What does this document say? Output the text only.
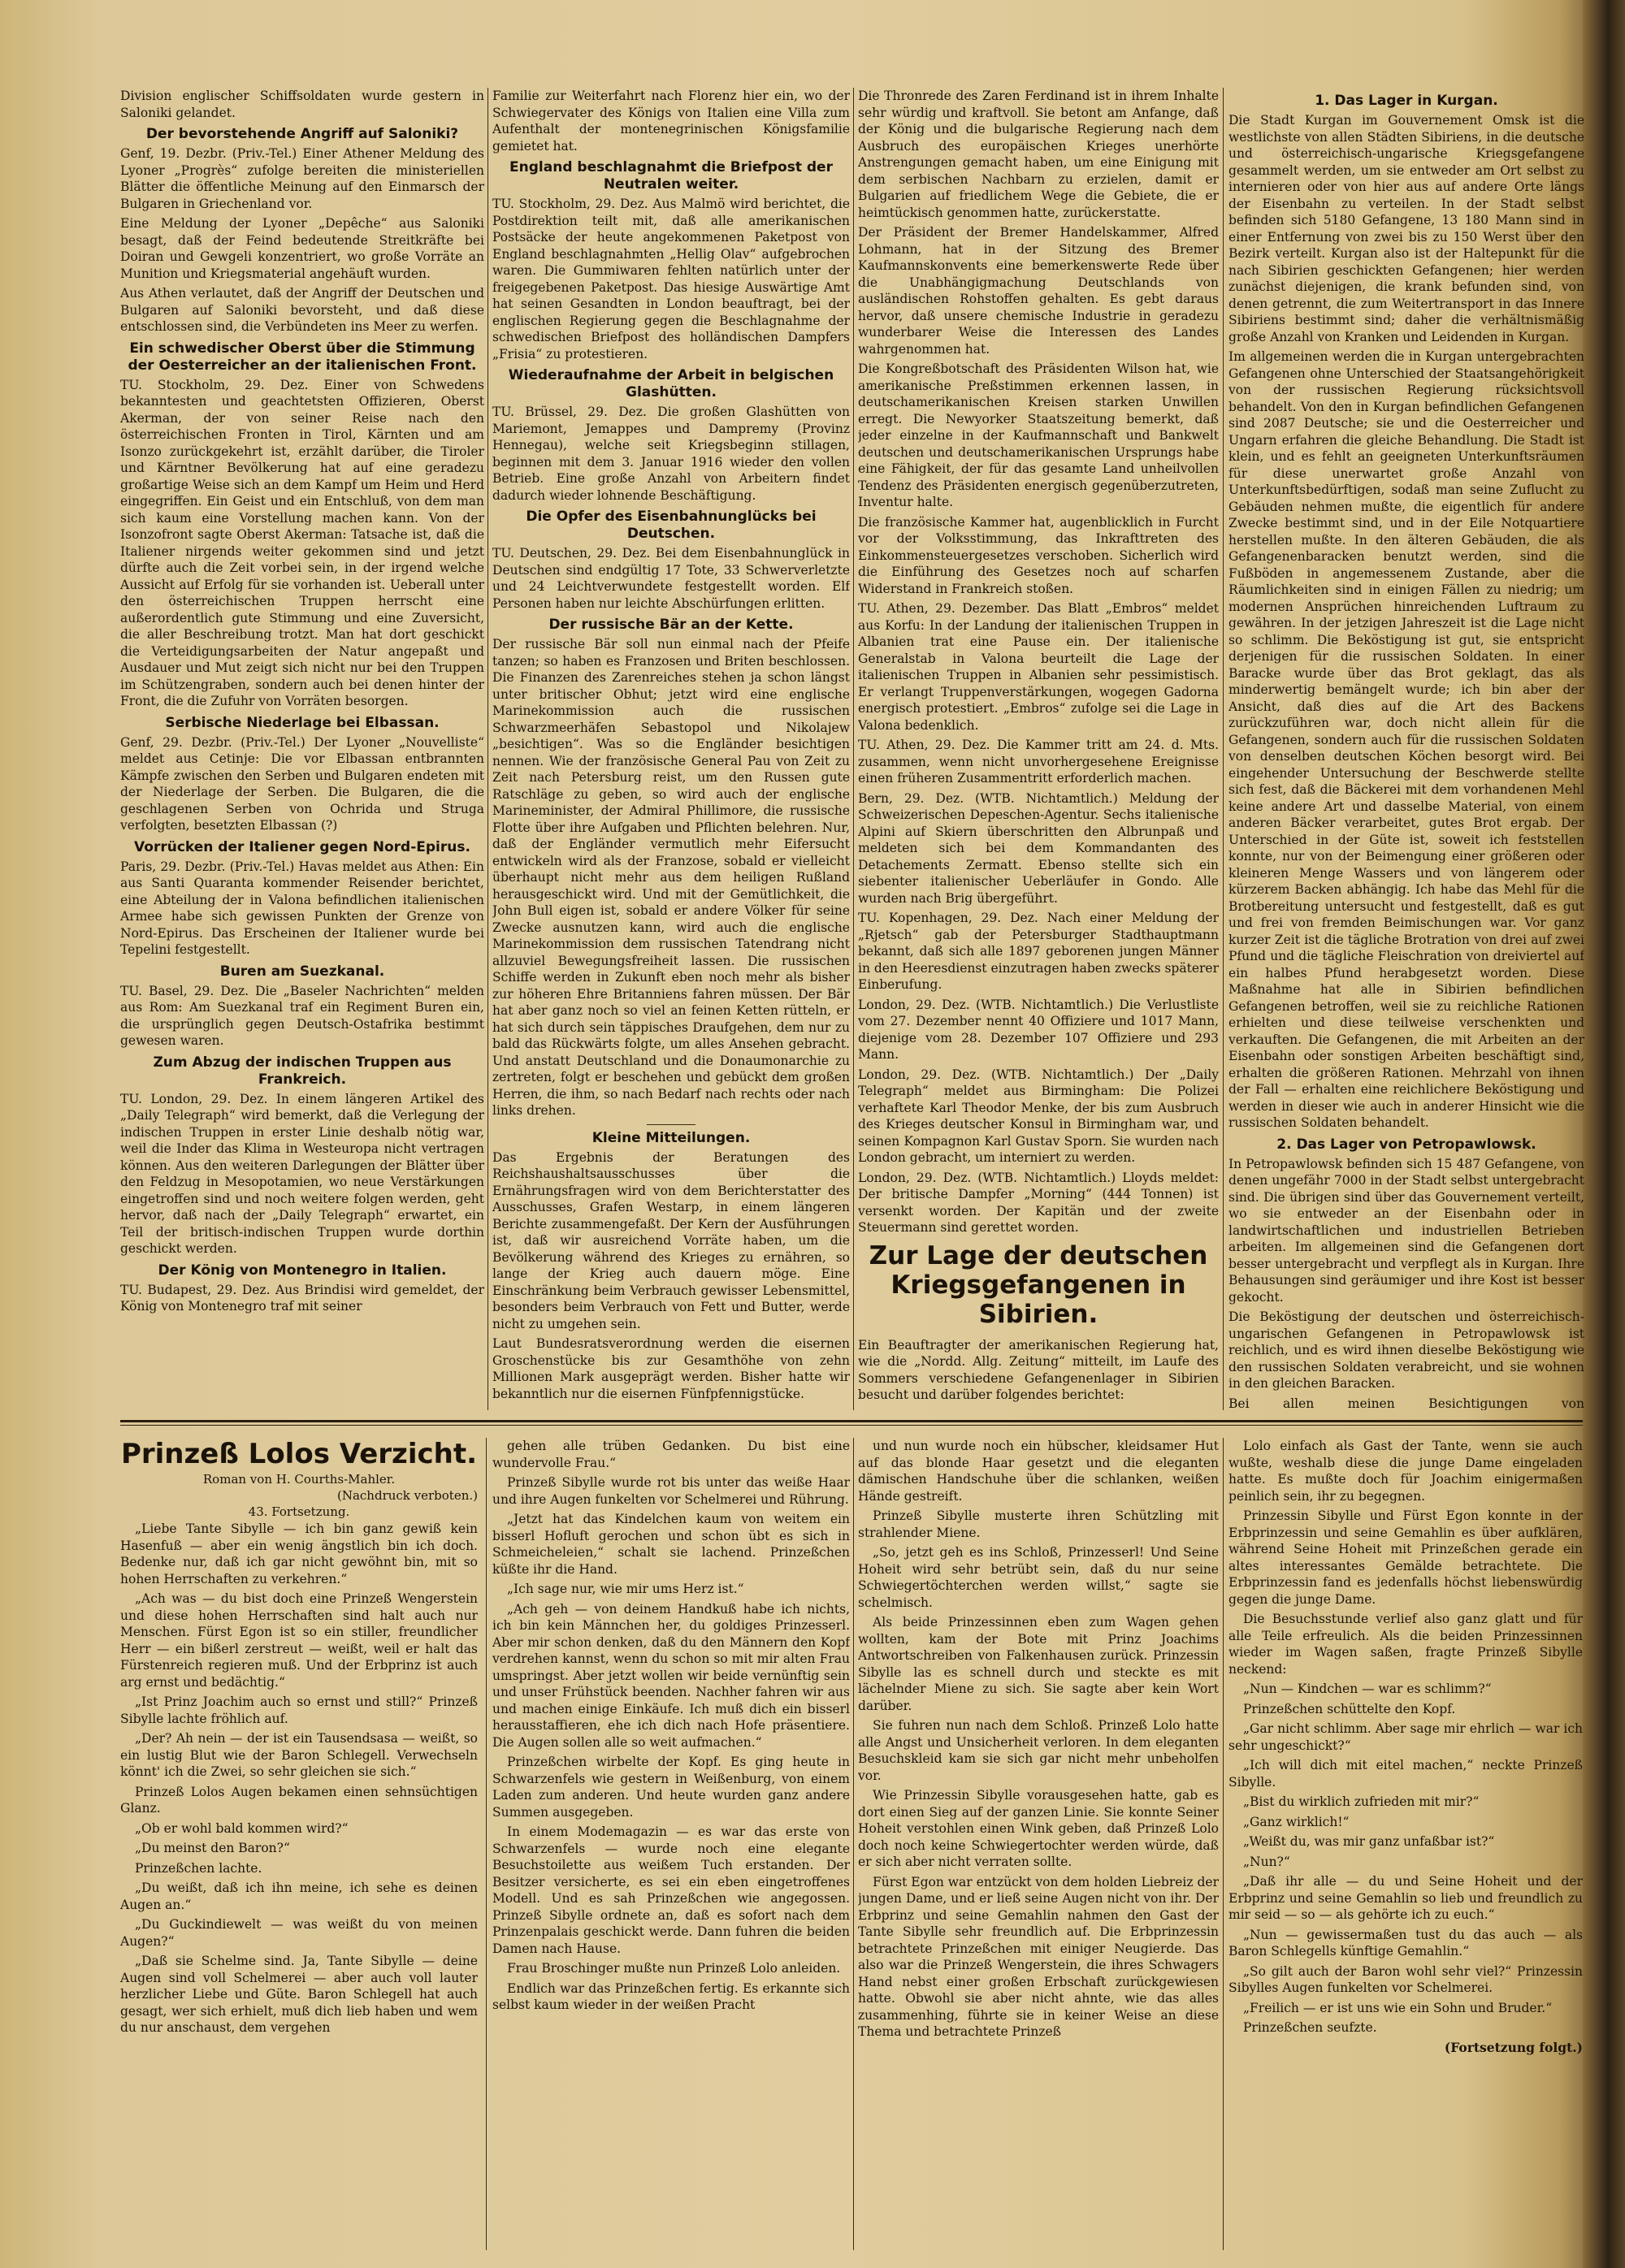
Division englischer Schiffsoldaten wurde gestern in Saloniki gelandet.

Der bevorstehende Angriff auf Saloniki?

Genf, 19. Dezbr. (Priv.-Tel.) Einer Athener Meldung des Lyoner „Progrès“ zufolge bereiten die ministeriellen Blätter die öffentliche Meinung auf den Einmarsch der Bulgaren in Griechenland vor.

Eine Meldung der Lyoner „Depêche“ aus Saloniki besagt, daß der Feind bedeutende Streitkräfte bei Doiran und Gewgeli konzentriert, wo große Vorräte an Munition und Kriegsmaterial angehäuft wurden.

Aus Athen verlautet, daß der Angriff der Deutschen und Bulgaren auf Saloniki bevorsteht, und daß diese entschlossen sind, die Verbündeten ins Meer zu werfen.

Ein schwedischer Oberst über die Stimmung der Oesterreicher an der italienischen Front.

TU. Stockholm, 29. Dez. Einer von Schwedens bekanntesten und geachtetsten Offizieren, Oberst Akerman, der von seiner Reise nach den österreichischen Fronten in Tirol, Kärnten und am Isonzo zurückgekehrt ist, erzählt darüber, die Tiroler und Kärntner Bevölkerung hat auf eine geradezu großartige Weise sich an dem Kampf um Heim und Herd eingegriffen. Ein Geist und ein Entschluß, von dem man sich kaum eine Vorstellung machen kann. Von der Isonzofront sagte Oberst Akerman: Tatsache ist, daß die Italiener nirgends weiter gekommen sind und jetzt dürfte auch die Zeit vorbei sein, in der irgend welche Aussicht auf Erfolg für sie vorhanden ist. Ueberall unter den österreichischen Truppen herrscht eine außerordentlich gute Stimmung und eine Zuversicht, die aller Beschreibung trotzt. Man hat dort geschickt die Verteidigungsarbeiten der Natur angepaßt und Ausdauer und Mut zeigt sich nicht nur bei den Truppen im Schützengraben, sondern auch bei denen hinter der Front, die die Zufuhr von Vorräten besorgen.

Serbische Niederlage bei Elbassan.

Genf, 29. Dezbr. (Priv.-Tel.) Der Lyoner „Nouvelliste“ meldet aus Cetinje: Die vor Elbassan entbrannten Kämpfe zwischen den Serben und Bulgaren endeten mit der Niederlage der Serben. Die Bulgaren, die die geschlagenen Serben von Ochrida und Struga verfolgten, besetzten Elbassan (?)

Vorrücken der Italiener gegen Nord-Epirus.

Paris, 29. Dezbr. (Priv.-Tel.) Havas meldet aus Athen: Ein aus Santi Quaranta kommender Reisender berichtet, eine Abteilung der in Valona befindlichen italienischen Armee habe sich gewissen Punkten der Grenze von Nord-Epirus. Das Erscheinen der Italiener wurde bei Tepelini festgestellt.

Buren am Suezkanal.

TU. Basel, 29. Dez. Die „Baseler Nachrichten“ melden aus Rom: Am Suezkanal traf ein Regiment Buren ein, die ursprünglich gegen Deutsch-Ostafrika bestimmt gewesen waren.

Zum Abzug der indischen Truppen aus Frankreich.

TU. London, 29. Dez. In einem längeren Artikel des „Daily Telegraph“ wird bemerkt, daß die Verlegung der indischen Truppen in erster Linie deshalb nötig war, weil die Inder das Klima in Westeuropa nicht vertragen können. Aus den weiteren Darlegungen der Blätter über den Feldzug in Mesopotamien, wo neue Verstärkungen eingetroffen sind und noch weitere folgen werden, geht hervor, daß nach der „Daily Telegraph“ erwartet, ein Teil der britisch-indischen Truppen wurde dorthin geschickt werden.

Der König von Montenegro in Italien.

TU. Budapest, 29. Dez. Aus Brindisi wird gemeldet, der König von Montenegro traf mit seiner

Familie zur Weiterfahrt nach Florenz hier ein, wo der Schwiegervater des Königs von Italien eine Villa zum Aufenthalt der montenegrinischen Königsfamilie gemietet hat.

England beschlagnahmt die Briefpost der Neutralen weiter.

TU. Stockholm, 29. Dez. Aus Malmö wird berichtet, die Postdirektion teilt mit, daß alle amerikanischen Postsäcke der heute angekommenen Paketpost von England beschlagnahmten „Hellig Olav“ aufgebrochen waren. Die Gummiwaren fehlten natürlich unter der freigegebenen Paketpost. Das hiesige Auswärtige Amt hat seinen Gesandten in London beauftragt, bei der englischen Regierung gegen die Beschlagnahme der schwedischen Briefpost des holländischen Dampfers „Frisia“ zu protestieren.

Wiederaufnahme der Arbeit in belgischen Glashütten.

TU. Brüssel, 29. Dez. Die großen Glashütten von Mariemont, Jemappes und Dampremy (Provinz Hennegau), welche seit Kriegsbeginn stillagen, beginnen mit dem 3. Januar 1916 wieder den vollen Betrieb. Eine große Anzahl von Arbeitern findet dadurch wieder lohnende Beschäftigung.

Die Opfer des Eisenbahnunglücks bei Deutschen.

TU. Deutschen, 29. Dez. Bei dem Eisenbahnunglück in Deutschen sind endgültig 17 Tote, 33 Schwerverletzte und 24 Leichtverwundete festgestellt worden. Elf Personen haben nur leichte Abschürfungen erlitten.

Der russische Bär an der Kette.

Der russische Bär soll nun einmal nach der Pfeife tanzen; so haben es Franzosen und Briten beschlossen. Die Finanzen des Zarenreiches stehen ja schon längst unter britischer Obhut; jetzt wird eine englische Marinekommission auch die russischen Schwarzmeerhäfen Sebastopol und Nikolajew „besichtigen“. Was so die Engländer besichtigen nennen. Wie der französische General Pau von Zeit zu Zeit nach Petersburg reist, um den Russen gute Ratschläge zu geben, so wird auch der englische Marineminister, der Admiral Phillimore, die russische Flotte über ihre Aufgaben und Pflichten belehren. Nur, daß der Engländer vermutlich mehr Eifersucht entwickeln wird als der Franzose, sobald er vielleicht überhaupt nicht mehr aus dem heiligen Rußland herausgeschickt wird. Und mit der Gemütlichkeit, die John Bull eigen ist, sobald er andere Völker für seine Zwecke ausnutzen kann, wird auch die englische Marinekommission dem russischen Tatendrang nicht allzuviel Bewegungsfreiheit lassen. Die russischen Schiffe werden in Zukunft eben noch mehr als bisher zur höheren Ehre Britanniens fahren müssen. Der Bär hat aber ganz noch so viel an feinen Ketten rütteln, er hat sich durch sein täppisches Draufgehen, dem nur zu bald das Rückwärts folgte, um alles Ansehen gebracht. Und anstatt Deutschland und die Donaumonarchie zu zertreten, folgt er beschehen und gebückt dem großen Herren, die ihm, so nach Bedarf nach rechts oder nach links drehen.

Kleine Mitteilungen.

Das Ergebnis der Beratungen des Reichshaushaltsausschusses über die Ernährungsfragen wird von dem Berichterstatter des Ausschusses, Grafen Westarp, in einem längeren Berichte zusammengefaßt. Der Kern der Ausführungen ist, daß wir ausreichend Vorräte haben, um die Bevölkerung während des Krieges zu ernähren, so lange der Krieg auch dauern möge. Eine Einschränkung beim Verbrauch gewisser Lebensmittel, besonders beim Verbrauch von Fett und Butter, werde nicht zu umgehen sein.

Laut Bundesratsverordnung werden die eisernen Groschenstücke bis zur Gesamthöhe von zehn Millionen Mark ausgeprägt werden. Bisher hatte wir bekanntlich nur die eisernen Fünfpfennigstücke.

Die Thronrede des Zaren Ferdinand ist in ihrem Inhalte sehr würdig und kraftvoll. Sie betont am Anfange, daß der König und die bulgarische Regierung nach dem Ausbruch des europäischen Krieges unerhörte Anstrengungen gemacht haben, um eine Einigung mit dem serbischen Nachbarn zu erzielen, damit er Bulgarien auf friedlichem Wege die Gebiete, die er heimtückisch genommen hatte, zurückerstatte.

Der Präsident der Bremer Handelskammer, Alfred Lohmann, hat in der Sitzung des Bremer Kaufmannskonvents eine bemerkenswerte Rede über die Unabhängigmachung Deutschlands von ausländischen Rohstoffen gehalten. Es gebt daraus hervor, daß unsere chemische Industrie in geradezu wunderbarer Weise die Interessen des Landes wahrgenommen hat.

Die Kongreßbotschaft des Präsidenten Wilson hat, wie amerikanische Preßstimmen erkennen lassen, in deutschamerikanischen Kreisen starken Unwillen erregt. Die Newyorker Staatszeitung bemerkt, daß jeder einzelne in der Kaufmannschaft und Bankwelt deutschen und deutschamerikanischen Ursprungs habe eine Fähigkeit, der für das gesamte Land unheilvollen Tendenz des Präsidenten energisch gegenüberzutreten, Inventur halte.

Die französische Kammer hat, augenblicklich in Furcht vor der Volksstimmung, das Inkrafttreten des Einkommensteuergesetzes verschoben. Sicherlich wird die Einführung des Gesetzes noch auf scharfen Widerstand in Frankreich stoßen.

TU. Athen, 29. Dezember. Das Blatt „Embros“ meldet aus Korfu: In der Landung der italienischen Truppen in Albanien trat eine Pause ein. Der italienische Generalstab in Valona beurteilt die Lage der italienischen Truppen in Albanien sehr pessimistisch. Er verlangt Truppenverstärkungen, wogegen Gadorna energisch protestiert. „Embros“ zufolge sei die Lage in Valona bedenklich.

TU. Athen, 29. Dez. Die Kammer tritt am 24. d. Mts. zusammen, wenn nicht unvorhergesehene Ereignisse einen früheren Zusammentritt erforderlich machen.

Bern, 29. Dez. (WTB. Nichtamtlich.) Meldung der Schweizerischen Depeschen-Agentur. Sechs italienische Alpini auf Skiern überschritten den Albrunpaß und meldeten sich bei dem Kommandanten des Detachements Zermatt. Ebenso stellte sich ein siebenter italienischer Ueberläufer in Gondo. Alle wurden nach Brig übergeführt.

TU. Kopenhagen, 29. Dez. Nach einer Meldung der „Rjetsch“ gab der Petersburger Stadthauptmann bekannt, daß sich alle 1897 geborenen jungen Männer in den Heeresdienst einzutragen haben zwecks späterer Einberufung.

London, 29. Dez. (WTB. Nichtamtlich.) Die Verlustliste vom 27. Dezember nennt 40 Offiziere und 1017 Mann, diejenige vom 28. Dezember 107 Offiziere und 293 Mann.

London, 29. Dez. (WTB. Nichtamtlich.) Der „Daily Telegraph“ meldet aus Birmingham: Die Polizei verhaftete Karl Theodor Menke, der bis zum Ausbruch des Krieges deutscher Konsul in Birmingham war, und seinen Kompagnon Karl Gustav Sporn. Sie wurden nach London gebracht, um interniert zu werden.

London, 29. Dez. (WTB. Nichtamtlich.) Lloyds meldet: Der britische Dampfer „Morning“ (444 Tonnen) ist versenkt worden. Der Kapitän und der zweite Steuermann sind gerettet worden.

Zur Lage der deutschen Kriegsgefangenen in Sibirien.

Ein Beauftragter der amerikanischen Regierung hat, wie die „Nordd. Allg. Zeitung“ mitteilt, im Laufe des Sommers verschiedene Gefangenenlager in Sibirien besucht und darüber folgendes berichtet:

1. Das Lager in Kurgan.

Die Stadt Kurgan im Gouvernement Omsk ist die westlichste von allen Städten Sibiriens, in die deutsche und österreichisch-ungarische Kriegsgefangene gesammelt werden, um sie entweder am Ort selbst zu internieren oder von hier aus auf andere Orte längs der Eisenbahn zu verteilen. In der Stadt selbst befinden sich 5180 Gefangene, 13 180 Mann sind in einer Entfernung von zwei bis zu 150 Werst über den Bezirk verteilt. Kurgan also ist der Haltepunkt für die nach Sibirien geschickten Gefangenen; hier werden zunächst diejenigen, die krank befunden sind, von denen getrennt, die zum Weitertransport in das Innere Sibiriens bestimmt sind; daher die verhältnismäßig große Anzahl von Kranken und Leidenden in Kurgan.

Im allgemeinen werden die in Kurgan untergebrachten Gefangenen ohne Unterschied der Staatsangehörigkeit von der russischen Regierung rücksichtsvoll behandelt. Von den in Kurgan befindlichen Gefangenen sind 2087 Deutsche; sie und die Oesterreicher und Ungarn erfahren die gleiche Behandlung. Die Stadt ist klein, und es fehlt an geeigneten Unterkunftsräumen für diese unerwartet große Anzahl von Unterkunftsbedürftigen, sodaß man seine Zuflucht zu Gebäuden nehmen mußte, die eigentlich für andere Zwecke bestimmt sind, und in der Eile Notquartiere herstellen mußte. In den älteren Gebäuden, die als Gefangenenbaracken benutzt werden, sind die Fußböden in angemessenem Zustande, aber die Räumlichkeiten sind in einigen Fällen zu niedrig; um modernen Ansprüchen hinreichenden Luftraum zu gewähren. In der jetzigen Jahreszeit ist die Lage nicht so schlimm. Die Beköstigung ist gut, sie entspricht derjenigen für die russischen Soldaten. In einer Baracke wurde über das Brot geklagt, das als minderwertig bemängelt wurde; ich bin aber der Ansicht, daß dies auf die Art des Backens zurückzuführen war, doch nicht allein für die Gefangenen, sondern auch für die russischen Soldaten von denselben deutschen Köchen besorgt wird. Bei eingehender Untersuchung der Beschwerde stellte sich fest, daß die Bäckerei mit dem vorhandenen Mehl keine andere Art und dasselbe Material, von einem anderen Bäcker verarbeitet, gutes Brot ergab. Der Unterschied in der Güte ist, soweit ich feststellen konnte, nur von der Beimengung einer größeren oder kleineren Menge Wassers und von längerem oder kürzerem Backen abhängig. Ich habe das Mehl für die Brotbereitung untersucht und festgestellt, daß es gut und frei von fremden Beimischungen war. Vor ganz kurzer Zeit ist die tägliche Brotration von drei auf zwei Pfund und die tägliche Fleischration von dreiviertel auf ein halbes Pfund herabgesetzt worden. Diese Maßnahme hat alle in Sibirien befindlichen Gefangenen betroffen, weil sie zu reichliche Rationen erhielten und diese teilweise verschenkten und verkauften. Die Gefangenen, die mit Arbeiten an der Eisenbahn oder sonstigen Arbeiten beschäftigt sind, erhalten die größeren Rationen. Mehrzahl von ihnen der Fall — erhalten eine reichlichere Beköstigung und werden in dieser wie auch in anderer Hinsicht wie die russischen Soldaten behandelt.

2. Das Lager von Petropawlowsk.

In Petropawlowsk befinden sich 15 487 Gefangene, von denen ungefähr 7000 in der Stadt selbst untergebracht sind. Die übrigen sind über das Gouvernement verteilt, wo sie entweder an der Eisenbahn oder in landwirtschaftlichen und industriellen Betrieben arbeiten. Im allgemeinen sind die Gefangenen dort besser untergebracht und verpflegt als in Kurgan. Ihre Behausungen sind geräumiger und ihre Kost ist besser gekocht.

Die Beköstigung der deutschen und österreichisch-ungarischen Gefangenen in Petropawlowsk ist reichlich, und es wird ihnen dieselbe Beköstigung wie den russischen Soldaten verabreicht, und sie wohnen in den gleichen Baracken.

Bei allen meinen Besichtigungen von

Prinzeß Lolos Verzicht.
Roman von H. Courths-Mahler.
(Nachdruck verboten.)
43. Fortsetzung.

„Liebe Tante Sibylle — ich bin ganz gewiß kein Hasenfuß — aber ein wenig ängstlich bin ich doch. Bedenke nur, daß ich gar nicht gewöhnt bin, mit so hohen Herrschaften zu verkehren.“

„Ach was — du bist doch eine Prinzeß Wengerstein und diese hohen Herrschaften sind halt auch nur Menschen. Fürst Egon ist so ein stiller, freundlicher Herr — ein bißerl zerstreut — weißt, weil er halt das Fürstenreich regieren muß. Und der Erbprinz ist auch arg ernst und bedächtig.“

„Ist Prinz Joachim auch so ernst und still?“ Prinzeß Sibylle lachte fröhlich auf.

„Der? Ah nein — der ist ein Tausendsasa — weißt, so ein lustig Blut wie der Baron Schlegell. Verwechseln könnt' ich die Zwei, so sehr gleichen sie sich.“

Prinzeß Lolos Augen bekamen einen sehnsüchtigen Glanz.

„Ob er wohl bald kommen wird?“

„Du meinst den Baron?“

Prinzeßchen lachte.

„Du weißt, daß ich ihn meine, ich sehe es deinen Augen an.“

„Du Guckindiewelt — was weißt du von meinen Augen?“

„Daß sie Schelme sind. Ja, Tante Sibylle — deine Augen sind voll Schelmerei — aber auch voll lauter herzlicher Liebe und Güte. Baron Schlegell hat auch gesagt, wer sich erhielt, muß dich lieb haben und wem du nur anschaust, dem vergehen

gehen alle trüben Gedanken. Du bist eine wundervolle Frau.“

Prinzeß Sibylle wurde rot bis unter das weiße Haar und ihre Augen funkelten vor Schelmerei und Rührung.

„Jetzt hat das Kindelchen kaum von weitem ein bisserl Hofluft gerochen und schon übt es sich in Schmeicheleien,“ schalt sie lachend. Prinzeßchen küßte ihr die Hand.

„Ich sage nur, wie mir ums Herz ist.“

„Ach geh — von deinem Handkuß habe ich nichts, ich bin kein Männchen her, du goldiges Prinzesserl. Aber mir schon denken, daß du den Männern den Kopf verdrehen kannst, wenn du schon so mit mir alten Frau umspringst. Aber jetzt wollen wir beide vernünftig sein und unser Frühstück beenden. Nachher fahren wir aus und machen einige Einkäufe. Ich muß dich ein bisserl herausstaffieren, ehe ich dich nach Hofe präsentiere. Die Augen sollen alle so weit aufmachen.“

Prinzeßchen wirbelte der Kopf. Es ging heute in Schwarzenfels wie gestern in Weißenburg, von einem Laden zum anderen. Und heute wurden ganz andere Summen ausgegeben.

In einem Modemagazin — es war das erste von Schwarzenfels — wurde noch eine elegante Besuchstoilette aus weißem Tuch erstanden. Der Besitzer versicherte, es sei ein eben eingetroffenes Modell. Und es sah Prinzeßchen wie angegossen. Prinzeß Sibylle ordnete an, daß es sofort nach dem Prinzenpalais geschickt werde. Dann fuhren die beiden Damen nach Hause.

Frau Broschinger mußte nun Prinzeß Lolo anleiden.

Endlich war das Prinzeßchen fertig. Es erkannte sich selbst kaum wieder in der weißen Pracht

und nun wurde noch ein hübscher, kleidsamer Hut auf das blonde Haar gesetzt und die eleganten dämischen Handschuhe über die schlanken, weißen Hände gestreift.

Prinzeß Sibylle musterte ihren Schützling mit strahlender Miene.

„So, jetzt geh es ins Schloß, Prinzesserl! Und Seine Hoheit wird sehr betrübt sein, daß du nur seine Schwiegertöchterchen werden willst,“ sagte sie schelmisch.

Als beide Prinzessinnen eben zum Wagen gehen wollten, kam der Bote mit Prinz Joachims Antwortschreiben von Falkenhausen zurück. Prinzessin Sibylle las es schnell durch und steckte es mit lächelnder Miene zu sich. Sie sagte aber kein Wort darüber.

Sie fuhren nun nach dem Schloß. Prinzeß Lolo hatte alle Angst und Unsicherheit verloren. In dem eleganten Besuchskleid kam sie sich gar nicht mehr unbeholfen vor.

Wie Prinzessin Sibylle vorausgesehen hatte, gab es dort einen Sieg auf der ganzen Linie. Sie konnte Seiner Hoheit verstohlen einen Wink geben, daß Prinzeß Lolo doch noch keine Schwiegertochter werden würde, daß er sich aber nicht verraten sollte.

Fürst Egon war entzückt von dem holden Liebreiz der jungen Dame, und er ließ seine Augen nicht von ihr. Der Erbprinz und seine Gemahlin nahmen den Gast der Tante Sibylle sehr freundlich auf. Die Erbprinzessin betrachtete Prinzeßchen mit einiger Neugierde. Das also war die Prinzeß Wengerstein, die ihres Schwagers Hand nebst einer großen Erbschaft zurückgewiesen hatte. Obwohl sie aber nicht ahnte, wie das alles zusammenhing, führte sie in keiner Weise an diese Thema und betrachtete Prinzeß

Lolo einfach als Gast der Tante, wenn sie auch wußte, weshalb diese die junge Dame eingeladen hatte. Es mußte doch für Joachim einigermaßen peinlich sein, ihr zu begegnen.

Prinzessin Sibylle und Fürst Egon konnte in der Erbprinzessin und seine Gemahlin es über aufklären, während Seine Hoheit mit Prinzeßchen gerade ein altes interessantes Gemälde betrachtete. Die Erbprinzessin fand es jedenfalls höchst liebenswürdig gegen die junge Dame.

Die Besuchsstunde verlief also ganz glatt und für alle Teile erfreulich. Als die beiden Prinzessinnen wieder im Wagen saßen, fragte Prinzeß Sibylle neckend:

„Nun — Kindchen — war es schlimm?“

Prinzeßchen schüttelte den Kopf.

„Gar nicht schlimm. Aber sage mir ehrlich — war ich sehr ungeschickt?“

„Ich will dich mit eitel machen,“ neckte Prinzeß Sibylle.

„Bist du wirklich zufrieden mit mir?“

„Ganz wirklich!“

„Weißt du, was mir ganz unfaßbar ist?“

„Nun?“

„Daß ihr alle — du und Seine Hoheit und der Erbprinz und seine Gemahlin so lieb und freundlich zu mir seid — so — als gehörte ich zu euch.“

„Nun — gewissermaßen tust du das auch — als Baron Schlegells künftige Gemahlin.“

„So gilt auch der Baron wohl sehr viel?“ Prinzessin Sibylles Augen funkelten vor Schelmerei.

„Freilich — er ist uns wie ein Sohn und Bruder.“

Prinzeßchen seufzte.

(Fortsetzung folgt.)
